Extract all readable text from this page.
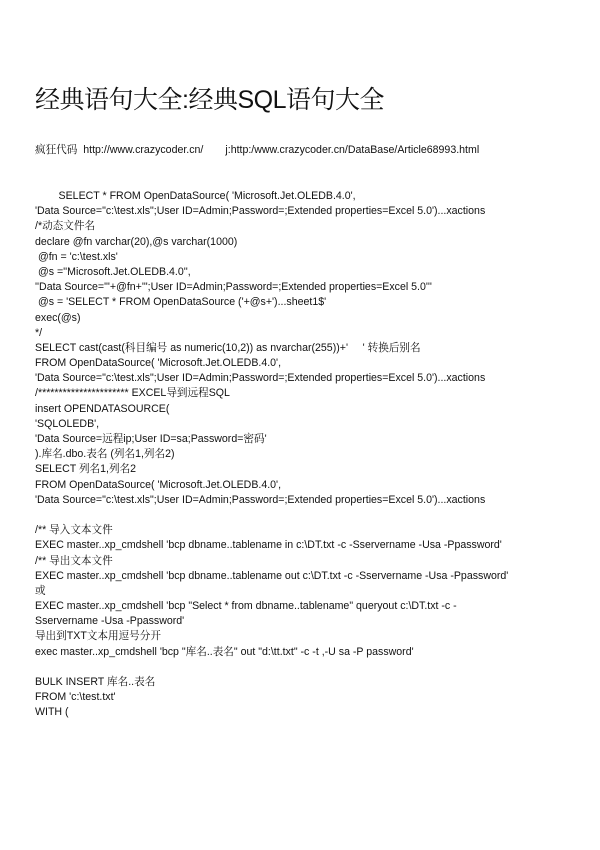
经典语句大全:经典SQL语句大全

疯狂代码 http://www.crazycoder.cn/ j:http:/www.crazycoder.cn/DataBase/Article68993.html

SELECT * FROM OpenDataSource( 'Microsoft.Jet.OLEDB.4.0',
'Data Source="c:\test.xls";User ID=Admin;Password=;Extended properties=Excel 5.0')...xactions
/*动态文件名
declare @fn varchar(20),@s varchar(1000)
@fn = 'c:\test.xls'
@s =''Microsoft.Jet.OLEDB.4.0'',
''Data Source="'+@fn+'";User ID=Admin;Password=;Extended properties=Excel 5.0'''
@s = 'SELECT * FROM OpenDataSource ('+@s+')...sheet1$'
exec(@s)
*/
SELECT cast(cast(科目编号 as numeric(10,2)) as nvarchar(255))+'     ' 转换后别名
FROM OpenDataSource( 'Microsoft.Jet.OLEDB.4.0',
'Data Source="c:\test.xls";User ID=Admin;Password=;Extended properties=Excel 5.0')...xactions
/********************** EXCEL导到远程SQL
insert OPENDATASOURCE(
'SQLOLEDB',
'Data Source=远程ip;User ID=sa;Password=密码'
).库名.dbo.表名 (列名1,列名2)
SELECT 列名1,列名2
FROM OpenDataSource( 'Microsoft.Jet.OLEDB.4.0',
'Data Source="c:\test.xls";User ID=Admin;Password=;Extended properties=Excel 5.0')...xactions
/** 导入文本文件
EXEC master..xp_cmdshell 'bcp dbname..tablename in c:\DT.txt -c -Sservername -Usa -Ppassword'
/** 导出文本文件
EXEC master..xp_cmdshell 'bcp dbname..tablename out c:\DT.txt -c -Sservername -Usa -Ppassword'
或
EXEC master..xp_cmdshell 'bcp "Select * from dbname..tablename" queryout c:\DT.txt -c -
Sservername -Usa -Ppassword'
导出到TXT文本用逗号分开
exec master..xp_cmdshell 'bcp "库名..表名" out "d:\tt.txt" -c -t ,-U sa -P password'
BULK INSERT 库名..表名
FROM 'c:\test.txt'
WITH (
